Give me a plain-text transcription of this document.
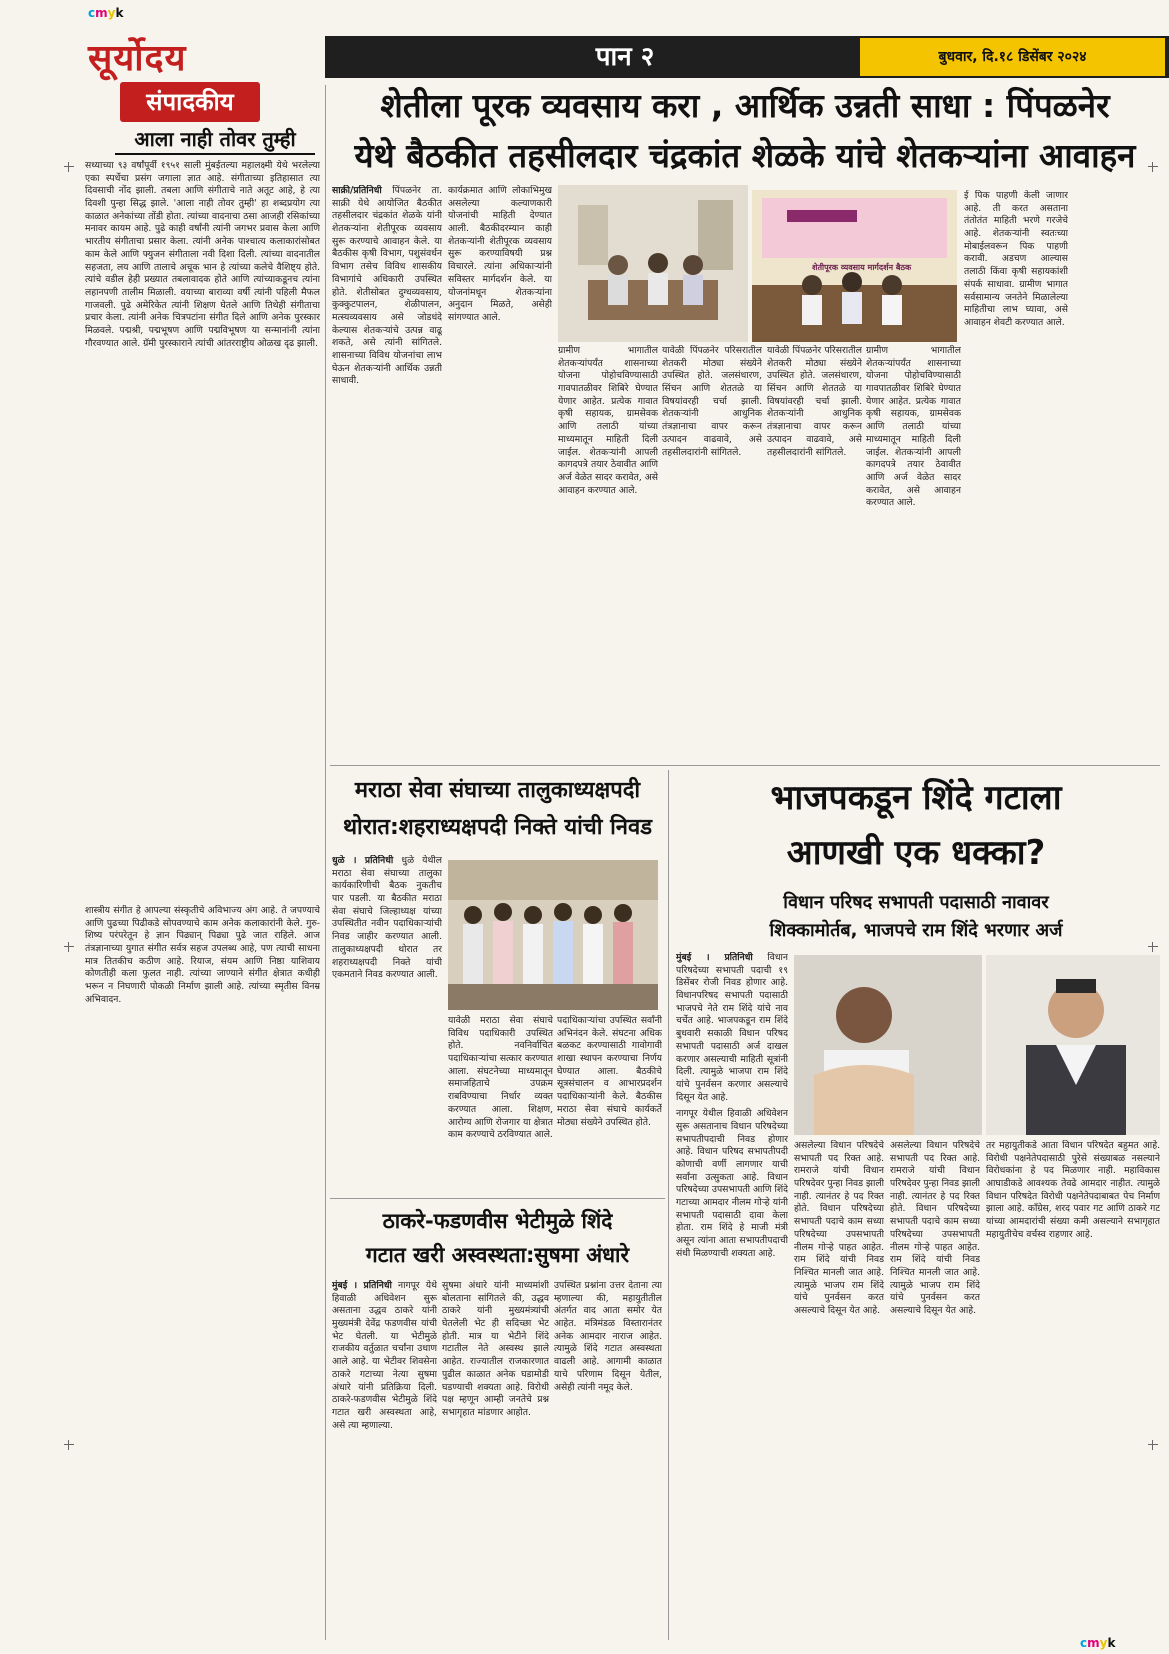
cmyk
cmyk
सूर्योदय	पान २	बुधवार, दि.१८ डिसेंबर २०२४
संपादकीय
आला नाही तोवर तुम्ही

सध्याच्या ९३ वर्षांपूर्वी १९५१ साली मुंबईतल्या महालक्ष्मी येथे भरलेल्या एका स्पर्धेचा प्रसंग जगाला ज्ञात आहे. संगीताच्या इतिहासात त्या दिवसाची नोंद झाली. तबला आणि संगीताचे नाते अतूट आहे, हे त्या दिवशी पुन्हा सिद्ध झाले. 'आला नाही तोवर तुम्ही' हा शब्दप्रयोग त्या काळात अनेकांच्या तोंडी होता. त्यांच्या वादनाचा ठसा आजही रसिकांच्या मनावर कायम आहे. पुढे काही वर्षांनी त्यांनी जगभर प्रवास केला आणि भारतीय संगीताचा प्रसार केला. त्यांनी अनेक पाश्चात्य कलाकारांसोबत काम केले आणि फ्युजन संगीताला नवी दिशा दिली. त्यांच्या वादनातील सहजता, लय आणि तालाचे अचूक भान हे त्यांच्या कलेचे वैशिष्ट्य होते. त्यांचे वडील हेही प्रख्यात तबलावादक होते आणि त्यांच्याकडूनच त्यांना लहानपणी तालीम मिळाली. वयाच्या बाराव्या वर्षी त्यांनी पहिली मैफल गाजवली. पुढे अमेरिकेत त्यांनी शिक्षण घेतले आणि तिथेही संगीताचा प्रचार केला. त्यांनी अनेक चित्रपटांना संगीत दिले आणि अनेक पुरस्कार मिळवले. पद्मश्री, पद्मभूषण आणि पद्मविभूषण या सन्मानांनी त्यांना गौरवण्यात आले. ग्रॅमी पुरस्काराने त्यांची आंतरराष्ट्रीय ओळख दृढ झाली.

शास्त्रीय संगीत हे आपल्या संस्कृतीचे अविभाज्य अंग आहे. ते जपण्याचे आणि पुढच्या पिढीकडे सोपवण्याचे काम अनेक कलाकारांनी केले. गुरु-शिष्य परंपरेतून हे ज्ञान पिढ्यान् पिढ्या पुढे जात राहिले. आज तंत्रज्ञानाच्या युगात संगीत सर्वत्र सहज उपलब्ध आहे, पण त्याची साधना मात्र तितकीच कठीण आहे. रियाज, संयम आणि निष्ठा याशिवाय कोणतीही कला फुलत नाही. त्यांच्या जाण्याने संगीत क्षेत्रात कधीही भरून न निघणारी पोकळी निर्माण झाली आहे. त्यांच्या स्मृतीस विनम्र अभिवादन.

शेतीला पूरक व्यवसाय करा , आर्थिक उन्नती साधा : पिंपळनेर
येथे बैठकीत तहसीलदार चंद्रकांत शेळके यांचे शेतकऱ्यांना आवाहन

साक्री/प्रतिनिधी पिंपळनेर ता. साक्री येथे आयोजित बैठकीत तहसीलदार चंद्रकांत शेळके यांनी शेतकऱ्यांना शेतीपूरक व्यवसाय सुरू करण्याचे आवाहन केले. या बैठकीस कृषी विभाग, पशुसंवर्धन विभाग तसेच विविध शासकीय विभागांचे अधिकारी उपस्थित होते. शेतीसोबत दुग्धव्यवसाय, कुक्कुटपालन, शेळीपालन, मत्स्यव्यवसाय असे जोडधंदे केल्यास शेतकऱ्यांचे उत्पन्न वाढू शकते, असे त्यांनी सांगितले. शासनाच्या विविध योजनांचा लाभ घेऊन शेतकऱ्यांनी आर्थिक उन्नती साधावी.

कार्यक्रमात आणि लोकाभिमुख असलेल्या कल्याणकारी योजनांची माहिती देण्यात आली. बैठकीदरम्यान काही शेतकऱ्यांनी शेतीपूरक व्यवसाय सुरू करण्याविषयी प्रश्न विचारले. त्यांना अधिकाऱ्यांनी सविस्तर मार्गदर्शन केले. या योजनांमधून शेतकऱ्यांना अनुदान मिळते, असेही सांगण्यात आले.

शेतीपूरक व्यवसाय मार्गदर्शन बैठक

ग्रामीण भागातील शेतकऱ्यांपर्यंत शासनाच्या योजना पोहोचविण्यासाठी गावपातळीवर शिबिरे घेण्यात येणार आहेत. प्रत्येक गावात कृषी सहायक, ग्रामसेवक आणि तलाठी यांच्या माध्यमातून माहिती दिली जाईल. शेतकऱ्यांनी आपली कागदपत्रे तयार ठेवावीत आणि अर्ज वेळेत सादर करावेत, असे आवाहन करण्यात आले.

यावेळी पिंपळनेर परिसरातील शेतकरी मोठ्या संख्येने उपस्थित होते. जलसंधारण, सिंचन आणि शेततळे या विषयांवरही चर्चा झाली. शेतकऱ्यांनी आधुनिक तंत्रज्ञानाचा वापर करून उत्पादन वाढवावे, असे तहसीलदारांनी सांगितले.

यावेळी पिंपळनेर परिसरातील शेतकरी मोठ्या संख्येने उपस्थित होते. जलसंधारण, सिंचन आणि शेततळे या विषयांवरही चर्चा झाली. शेतकऱ्यांनी आधुनिक तंत्रज्ञानाचा वापर करून उत्पादन वाढवावे, असे तहसीलदारांनी सांगितले.

ग्रामीण भागातील शेतकऱ्यांपर्यंत शासनाच्या योजना पोहोचविण्यासाठी गावपातळीवर शिबिरे घेण्यात येणार आहेत. प्रत्येक गावात कृषी सहायक, ग्रामसेवक आणि तलाठी यांच्या माध्यमातून माहिती दिली जाईल. शेतकऱ्यांनी आपली कागदपत्रे तयार ठेवावीत आणि अर्ज वेळेत सादर करावेत, असे आवाहन करण्यात आले.

ई पिक पाहणी केली जाणार आहे. ती करत असताना तंतोतंत माहिती भरणे गरजेचे आहे. शेतकऱ्यांनी स्वतःच्या मोबाईलवरून पिक पाहणी करावी. अडचण आल्यास तलाठी किंवा कृषी सहायकांशी संपर्क साधावा. ग्रामीण भागात सर्वसामान्य जनतेने मिळालेल्या माहितीचा लाभ घ्यावा, असे आवाहन शेवटी करण्यात आले.

मराठा सेवा संघाच्या तालुकाध्यक्षपदी
थोरात:शहराध्यक्षपदी निक्ते यांची निवड

धुळे । प्रतिनिधी धुळे येथील मराठा सेवा संघाच्या तालुका कार्यकारिणीची बैठक नुकतीच पार पडली. या बैठकीत मराठा सेवा संघाचे जिल्हाध्यक्ष यांच्या उपस्थितीत नवीन पदाधिकाऱ्यांची निवड जाहीर करण्यात आली. तालुकाध्यक्षपदी थोरात तर शहराध्यक्षपदी निक्ते यांची एकमताने निवड करण्यात आली.

यावेळी मराठा सेवा संघाचे विविध पदाधिकारी उपस्थित होते. नवनिर्वाचित पदाधिकाऱ्यांचा सत्कार करण्यात आला. संघटनेच्या माध्यमातून समाजहिताचे उपक्रम राबविण्याचा निर्धार व्यक्त करण्यात आला. शिक्षण, आरोग्य आणि रोजगार या क्षेत्रात काम करण्याचे ठरविण्यात आले.

पदाधिकाऱ्यांचा उपस्थित सर्वांनी अभिनंदन केले. संघटना अधिक बळकट करण्यासाठी गावोगावी शाखा स्थापन करण्याचा निर्णय घेण्यात आला. बैठकीचे सूत्रसंचालन व आभारप्रदर्शन पदाधिकाऱ्यांनी केले. बैठकीस मराठा सेवा संघाचे कार्यकर्ते मोठ्या संख्येने उपस्थित होते.

ठाकरे-फडणवीस भेटीमुळे शिंदे
गटात खरी अस्वस्थता:सुषमा अंधारे

मुंबई । प्रतिनिधी नागपूर येथे हिवाळी अधिवेशन सुरू असताना उद्धव ठाकरे यांनी मुख्यमंत्री देवेंद्र फडणवीस यांची भेट घेतली. या भेटीमुळे राजकीय वर्तुळात चर्चांना उधाण आले आहे. या भेटीवर शिवसेना ठाकरे गटाच्या नेत्या सुषमा अंधारे यांनी प्रतिक्रिया दिली. ठाकरे-फडणवीस भेटीमुळे शिंदे गटात खरी अस्वस्थता आहे, असे त्या म्हणाल्या.

सुषमा अंधारे यांनी माध्यमांशी बोलताना सांगितले की, उद्धव ठाकरे यांनी मुख्यमंत्र्यांची घेतलेली भेट ही सदिच्छा भेट होती. मात्र या भेटीने शिंदे गटातील नेते अस्वस्थ झाले आहेत. राज्यातील राजकारणात पुढील काळात अनेक घडामोडी घडण्याची शक्यता आहे. विरोधी पक्ष म्हणून आम्ही जनतेचे प्रश्न सभागृहात मांडणार आहोत.

उपस्थित प्रश्नांना उत्तर देताना त्या म्हणाल्या की, महायुतीतील अंतर्गत वाद आता समोर येत आहेत. मंत्रिमंडळ विस्तारानंतर अनेक आमदार नाराज आहेत. त्यामुळे शिंदे गटात अस्वस्थता वाढली आहे. आगामी काळात याचे परिणाम दिसून येतील, असेही त्यांनी नमूद केले.

भाजपकडून शिंदे गटाला
आणखी एक धक्का?
विधान परिषद सभापती पदासाठी नावावर
शिक्कामोर्तब, भाजपचे राम शिंदे भरणार अर्ज

मुंबई । प्रतिनिधी विधान परिषदेच्या सभापती पदाची १९ डिसेंबर रोजी निवड होणार आहे. विधानपरिषद सभापती पदासाठी भाजपचे नेते राम शिंदे यांचे नाव चर्चेत आहे. भाजपकडून राम शिंदे बुधवारी सकाळी विधान परिषद सभापती पदासाठी अर्ज दाखल करणार असल्याची माहिती सूत्रांनी दिली. त्यामुळे भाजपा राम शिंदे यांचे पुनर्वसन करणार असल्याचे दिसून येत आहे.

नागपूर येथील हिवाळी अधिवेशन सुरू असतानाच विधान परिषदेच्या सभापतीपदाची निवड होणार आहे. विधान परिषद सभापतीपदी कोणाची वर्णी लागणार याची सर्वांना उत्सुकता आहे. विधान परिषदेच्या उपसभापती आणि शिंदे गटाच्या आमदार नीलम गोऱ्हे यांनी सभापती पदासाठी दावा केला होता. राम शिंदे हे माजी मंत्री असून त्यांना आता सभापतीपदाची संधी मिळण्याची शक्यता आहे.

असलेल्या विधान परिषदेचे सभापती पद रिक्त आहे. रामराजे यांची विधान परिषदेवर पुन्हा निवड झाली नाही. त्यानंतर हे पद रिक्त होते. विधान परिषदेच्या सभापती पदाचे काम सध्या परिषदेच्या उपसभापती नीलम गोऱ्हे पाहत आहेत. राम शिंदे यांची निवड निश्चित मानली जात आहे. त्यामुळे भाजप राम शिंदे यांचे पुनर्वसन करत असल्याचे दिसून येत आहे.

असलेल्या विधान परिषदेचे सभापती पद रिक्त आहे. रामराजे यांची विधान परिषदेवर पुन्हा निवड झाली नाही. त्यानंतर हे पद रिक्त होते. विधान परिषदेच्या सभापती पदाचे काम सध्या परिषदेच्या उपसभापती नीलम गोऱ्हे पाहत आहेत. राम शिंदे यांची निवड निश्चित मानली जात आहे. त्यामुळे भाजप राम शिंदे यांचे पुनर्वसन करत असल्याचे दिसून येत आहे.

तर महायुतीकडे आता विधान परिषदेत बहुमत आहे. विरोधी पक्षनेतेपदासाठी पुरेसे संख्याबळ नसल्याने विरोधकांना हे पद मिळणार नाही. महाविकास आघाडीकडे आवश्यक तेवढे आमदार नाहीत. त्यामुळे विधान परिषदेत विरोधी पक्षनेतेपदाबाबत पेच निर्माण झाला आहे. काँग्रेस, शरद पवार गट आणि ठाकरे गट यांच्या आमदारांची संख्या कमी असल्याने सभागृहात महायुतीचेच वर्चस्व राहणार आहे.
